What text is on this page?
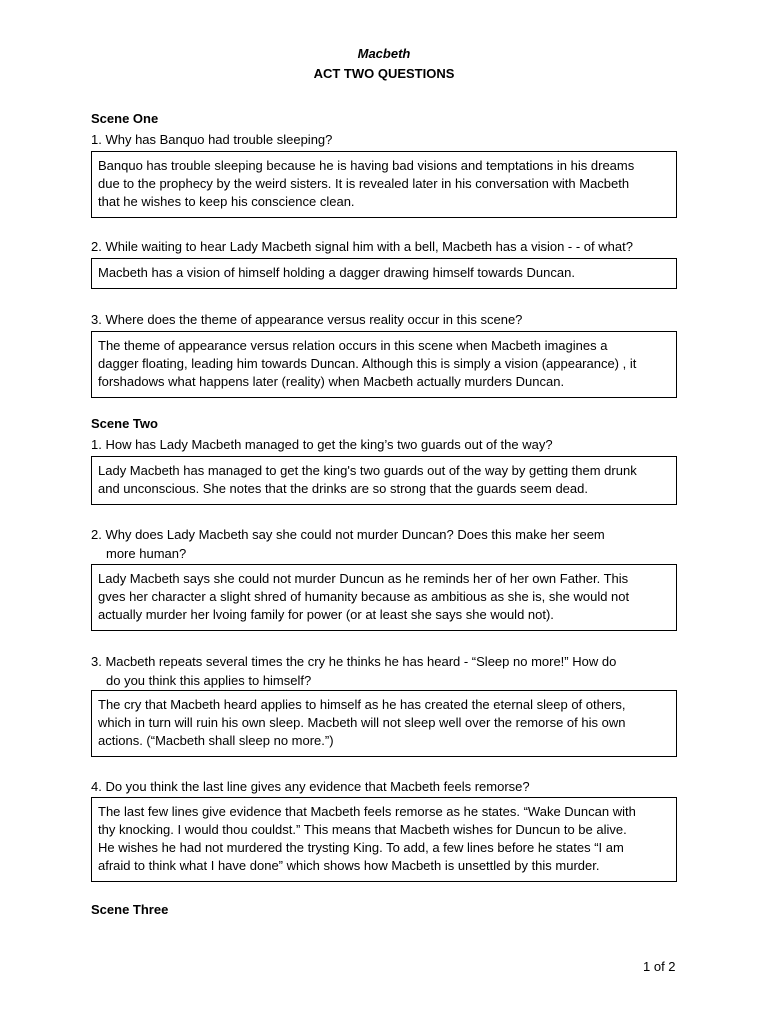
Macbeth
ACT TWO QUESTIONS
Scene One
1. Why has Banquo had trouble sleeping?
Banquo has trouble sleeping because he is having bad visions and temptations in his dreams
due to the prophecy by the weird sisters. It is revealed later in his conversation with Macbeth
that he wishes to keep his conscience clean.
2. While waiting to hear Lady Macbeth signal him with a bell, Macbeth has a vision - - of what?
Macbeth has a vision of himself holding a dagger drawing himself towards Duncan.
3. Where does the theme of appearance versus reality occur in this scene?
The theme of appearance versus relation occurs in this scene when Macbeth imagines a
dagger floating, leading him towards Duncan. Although this is simply a vision (appearance) , it
forshadows what happens later (reality) when Macbeth actually murders Duncan.
Scene Two
1. How has Lady Macbeth managed to get the king’s two guards out of the way?
Lady Macbeth has managed to get the king's two guards out of the way by getting them drunk
and unconscious. She notes that the drinks are so strong that the guards seem dead.
2. Why does Lady Macbeth say she could not murder Duncan? Does this make her seem
more human?
Lady Macbeth says she could not murder Duncun as he reminds her of her own Father. This
gves her character a slight shred of humanity because as ambitious as she is, she would not
actually murder her lvoing family for power (or at least she says she would not).
3. Macbeth repeats several times the cry he thinks he has heard - “Sleep no more!” How do
do you think this applies to himself?
The cry that Macbeth heard applies to himself as he has created the eternal sleep of others,
which in turn will ruin his own sleep. Macbeth will not sleep well over the remorse of his own
actions. (“Macbeth shall sleep no more.”)
4. Do you think the last line gives any evidence that Macbeth feels remorse?
The last few lines give evidence that Macbeth feels remorse as he states. “Wake Duncan with
thy knocking. I would thou couldst.” This means that Macbeth wishes for Duncun to be alive.
He wishes he had not murdered the trysting King. To add, a few lines before he states “I am
afraid to think what I have done” which shows how Macbeth is unsettled by this murder.
Scene Three
1 of 2
